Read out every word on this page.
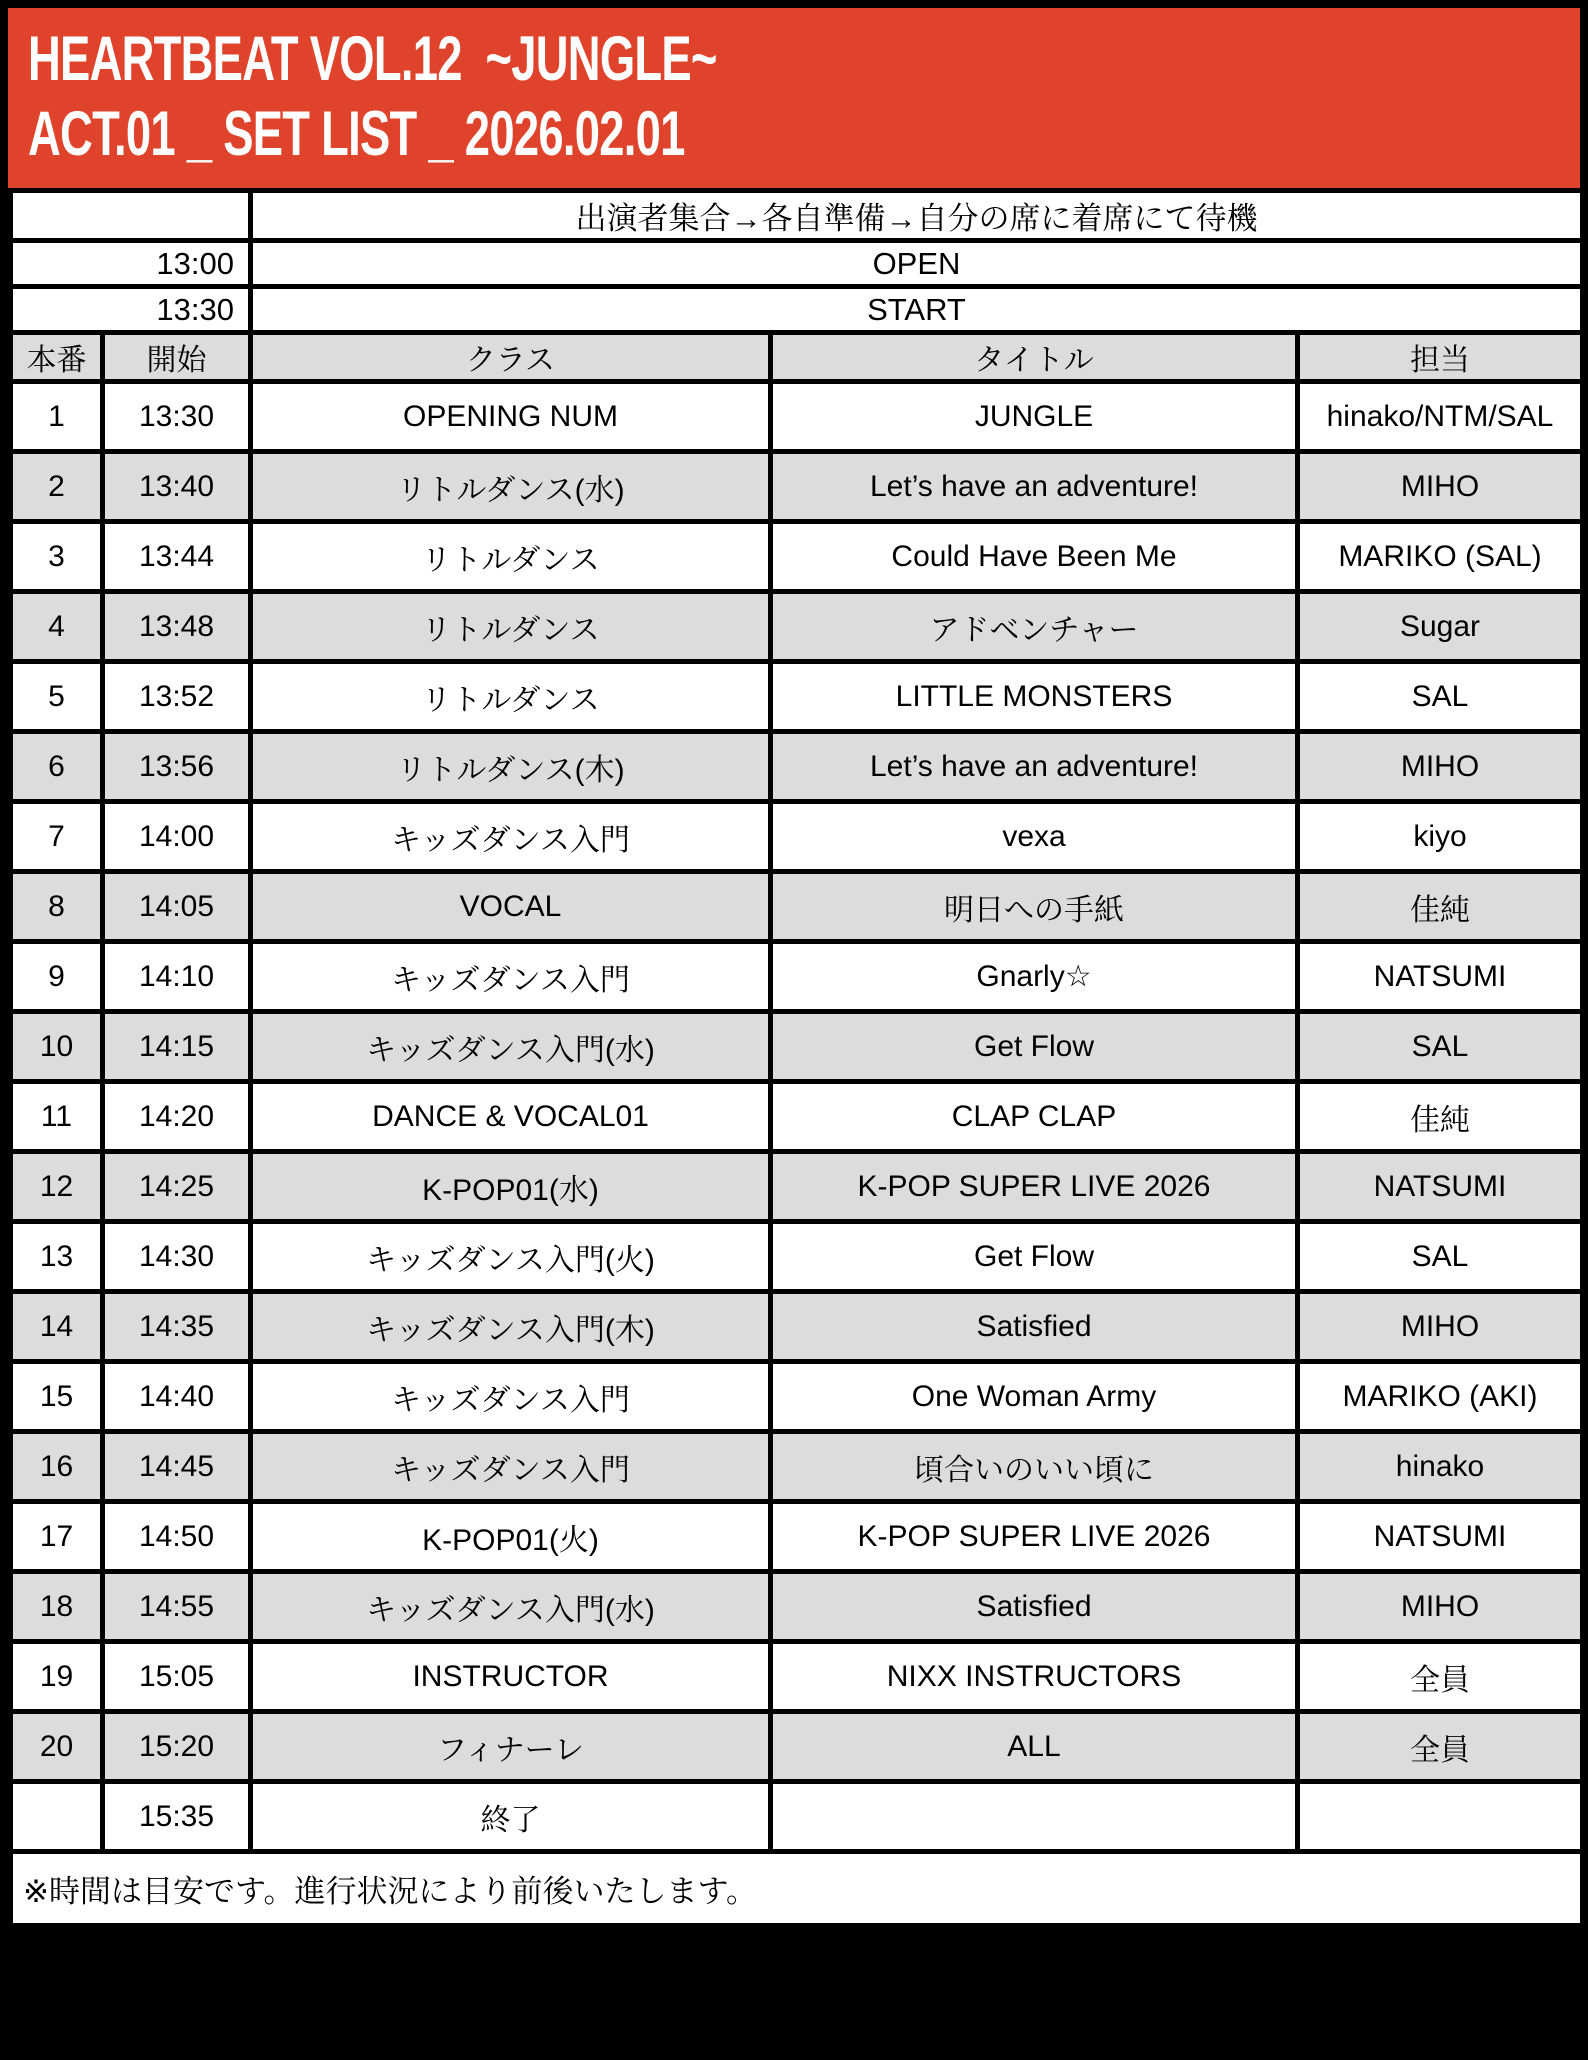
HEARTBEAT VOL.12  ~JUNGLE~
ACT.01 _ SET LIST _ 2026.02.01
		出演者集合→各自準備→自分の席に着席にて待機		
13:00		OPEN		
13:30		START		
本番	開始	クラス	タイトル	担当
1	13:30	OPENING NUM	JUNGLE	hinako/NTM/SAL
2	13:40	リトルダンス(水)	Let’s have an adventure!	MIHO
3	13:44	リトルダンス	Could Have Been Me	MARIKO (SAL)
4	13:48	リトルダンス	アドベンチャー	Sugar
5	13:52	リトルダンス	LITTLE MONSTERS	SAL
6	13:56	リトルダンス(木)	Let’s have an adventure!	MIHO
7	14:00	キッズダンス入門	vexa	kiyo
8	14:05	VOCAL	明日への手紙	佳純
9	14:10	キッズダンス入門	Gnarly☆	NATSUMI
10	14:15	キッズダンス入門(水)	Get Flow	SAL
11	14:20	DANCE & VOCAL01	CLAP CLAP	佳純
12	14:25	K-POP01(水)	K-POP SUPER LIVE 2026	NATSUMI
13	14:30	キッズダンス入門(火)	Get Flow	SAL
14	14:35	キッズダンス入門(木)	Satisfied	MIHO
15	14:40	キッズダンス入門	One Woman Army	MARIKO (AKI)
16	14:45	キッズダンス入門	頃合いのいい頃に	hinako
17	14:50	K-POP01(火)	K-POP SUPER LIVE 2026	NATSUMI
18	14:55	キッズダンス入門(水)	Satisfied	MIHO
19	15:05	INSTRUCTOR	NIXX INSTRUCTORS	全員
20	15:20	フィナーレ	ALL	全員
	15:35	終了		
※時間は目安です。進行状況により前後いたします。				
